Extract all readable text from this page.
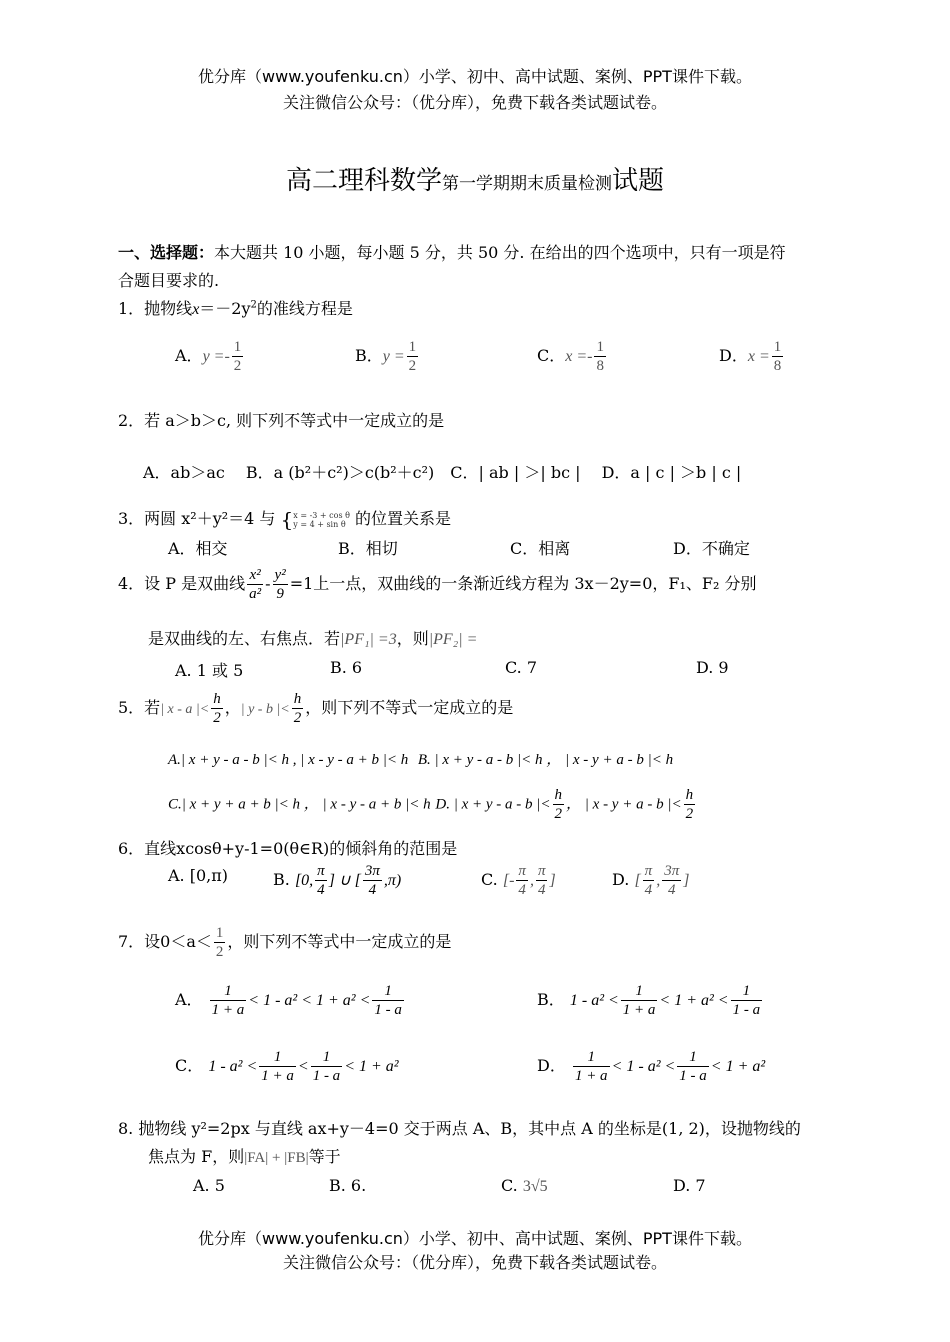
优分库（www.youfenku.cn）小学、初中、高中试题、案例、PPT课件下载。
关注微信公众号：（优分库），免费下载各类试题试卷。
高二理科数学第一学期期末质量检测试题
一、选择题：本大题共 10 小题，每小题 5 分，共 50 分. 在给出的四个选项中，只有一项是符
合题目要求的.
1．抛物线$x=-2y^2$的准线方程是
A．$y =- \frac{1}{2}$	B．$y = \frac{1}{2}$	C．$x =- \frac{1}{8}$	D．$x = \frac{1}{8}$
2．若 a＞b＞c, 则下列不等式中一定成立的是
A．ab＞ac　 B．a (b²＋c²)＞c(b²＋c²)　C．| ab | ＞| bc |　 D．a | c | ＞b | c |
3．两圆 x²＋y²＝4 与 { x = -3 + cos θ
y = 4 + sin θ 的位置关系是
A．相交	B．相切	C．相离	D．不确定
4．设 P 是双曲线 $\frac{\text{x²}}{\text{a²}} - \frac{\text{y²}}{9} =1$上一点，双曲线的一条渐近线方程为 3x－2y=0，F₁、F₂ 分别
是双曲线的左、右焦点．若|PF₁| =3，则|PF₂| =
A. 1 或 5	B. 6	C. 7	D. 9
5．若| x - a |< $\frac{h}{2}$ ，| y - b |< $\frac{h}{2}$ ，则下列不等式一定成立的是
A.| x + y - a - b |< h , | x - y - a + b |< h B. | x + y - a - b |< h ， | x - y + a - b |< h
C.| x + y + a + b |< h ， | x - y - a + b |< h D. | x + y - a - b |< $\frac{h}{2}$ ， | x - y + a - b |< $\frac{h}{2}$
6．直线xcosθ+y-1=0(θ∈R)的倾斜角的范围是
A. [0,π)	B. [0, $\frac{\pi}{4}$ ] ∪ [ $\frac{3\pi}{4} ,\pi$)	C. [- $\frac{\pi}{4}$ , $\frac{\pi}{4}$ ]	D. [ $\frac{\pi}{4}$ , $\frac{3\pi}{4}$ ]
7．设$0<a< \frac{1}{2}$ ，则下列不等式中一定成立的是
A． $\frac{1}{1 + a} < 1 - a^2 < 1 + a^2 < \frac{1}{1 - a}$	B． $1 - a^2 < \frac{1}{1 + a} < 1 + a^2 < \frac{1}{1 - a}$
C． $1 - a^2 < \frac{1}{1 + a} < \frac{1}{1 - a} < 1 + a^2$	D． $\frac{1}{1 + a} < 1 - a^2 < \frac{1}{1 - a} < 1 + a^2$
8. 抛物线 y²=2px 与直线 ax+y－4=0 交于两点 A、B，其中点 A 的坐标是(1, 2)，设抛物线的
焦点为 F，则|FA| + |FB|等于
A. 5	B. 6.	C. 3√5	D. 7
优分库（www.youfenku.cn）小学、初中、高中试题、案例、PPT课件下载。
关注微信公众号：（优分库），免费下载各类试题试卷。
